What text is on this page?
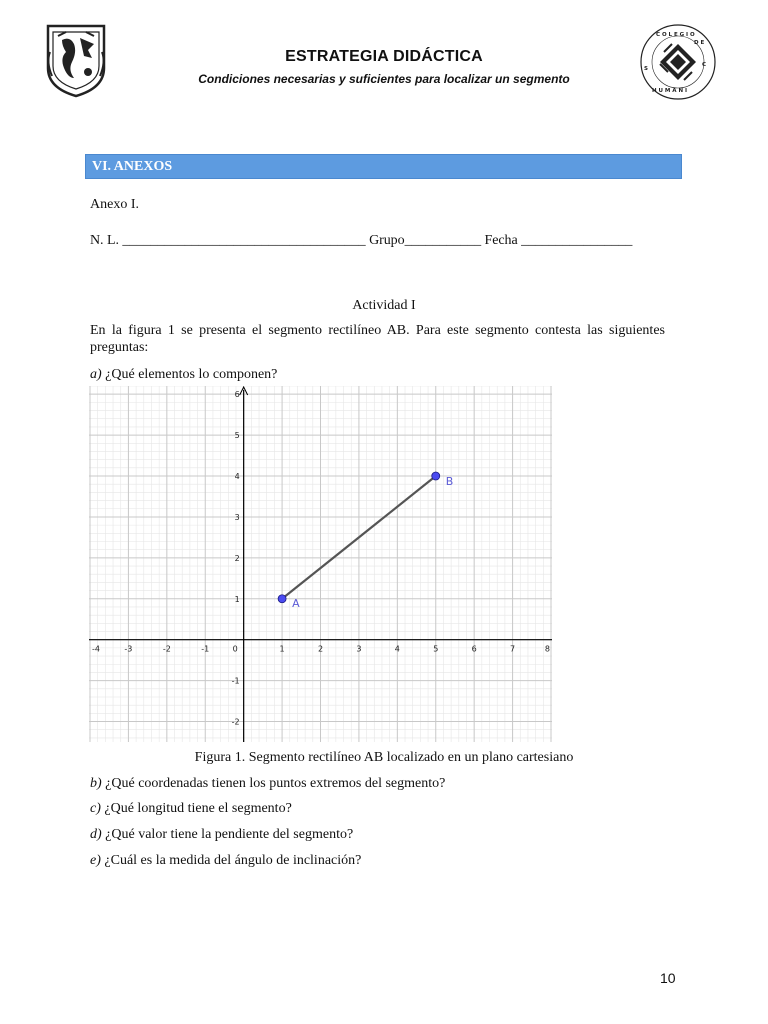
C O L E G I O
D E
C
S
H U M A N I
ESTRATEGIA DIDÁCTICA
Condiciones necesarias y suficientes para localizar un segmento
VI. ANEXOS
Anexo I.
N. L. ___________________________________ Grupo___________ Fecha ________________
Actividad I
En la figura 1 se presenta el segmento rectilíneo AB. Para este segmento contesta las siguientes preguntas:
a) ¿Qué elementos lo componen?
-4	-3	-2	-1	0	1	2	3	4	5	6	7	8
-2
-1
1
2
3
4
5
6
A
B
Figura 1. Segmento rectilíneo AB localizado en un plano cartesiano
b) ¿Qué coordenadas tienen los puntos extremos del segmento?
c) ¿Qué longitud tiene el segmento?
d) ¿Qué valor tiene la pendiente del segmento?
e) ¿Cuál es la medida del ángulo de inclinación?
10
